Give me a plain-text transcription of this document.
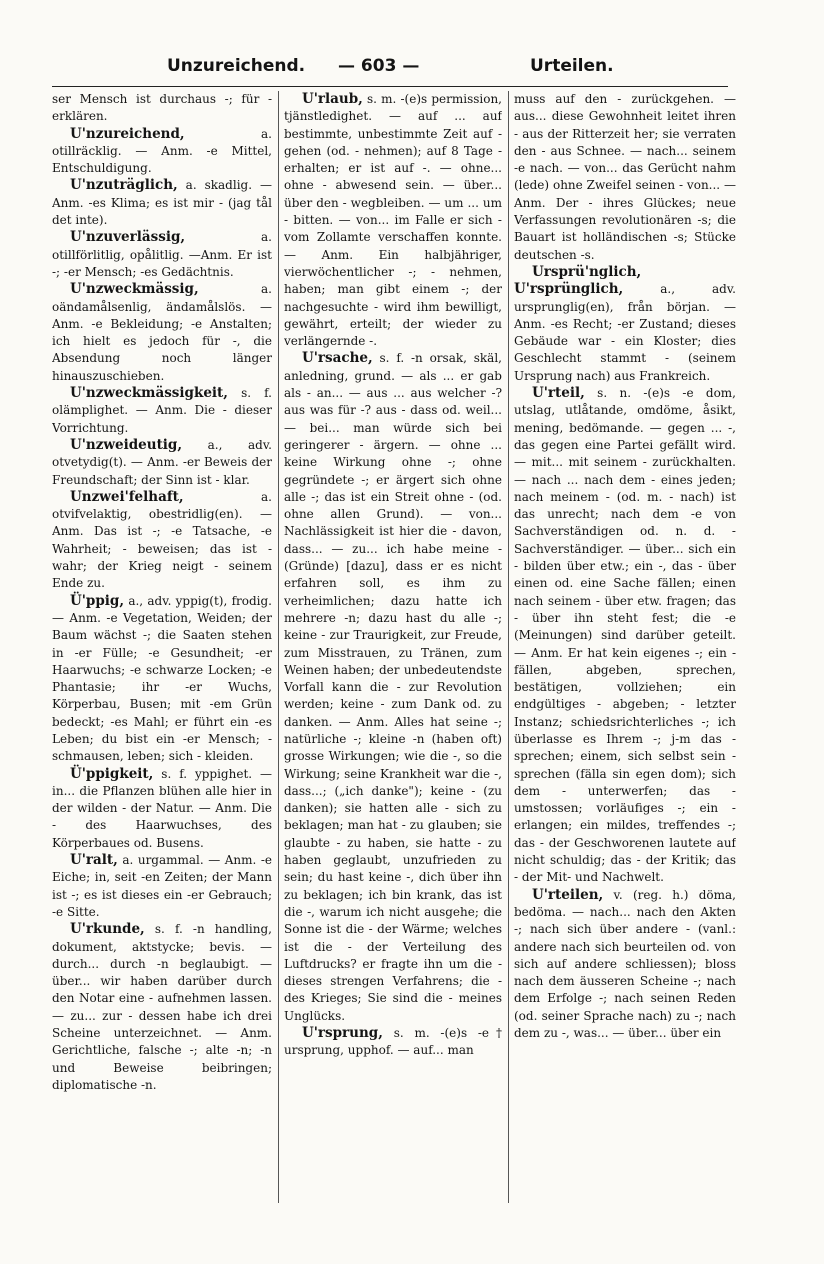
Unzureichend. — 603 —	Urteilen.

ser Mensch ist durchaus -; für - erklären.

U'nzureichend, a. otillräcklig. — Anm. -e Mittel, Entschuldigung.

U'nzuträglich, a. skadlig. — Anm. -es Klima; es ist mir - (jag tål det inte).

U'nzuverlässig, a. otillförlitlig, opålitlig. —Anm. Er ist -; -er Mensch; -es Gedächtnis.

U'nzweckmässig, a. oändamålsenlig, ändamålslös. — Anm. -e Bekleidung; -e Anstalten; ich hielt es jedoch für -, die Absendung noch länger hinauszuschieben.

U'nzweckmässigkeit, s. f. olämplighet. — Anm. Die - dieser Vorrichtung.

U'nzweideutig, a., adv. otvetydig(t). — Anm. -er Beweis der Freundschaft; der Sinn ist - klar.

Unzwei'felhaft, a. otvifvelaktig, obestridlig(en). — Anm. Das ist -; -e Tatsache, -e Wahrheit; - beweisen; das ist - wahr; der Krieg neigt - seinem Ende zu.

Ü'ppig, a., adv. yppig(t), frodig. — Anm. -e Vegetation, Weiden; der Baum wächst -; die Saaten stehen in -er Fülle; -e Gesundheit; -er Haarwuchs; -e schwarze Locken; -e Phantasie; ihr -er Wuchs, Körperbau, Busen; mit -em Grün bedeckt; -es Mahl; er führt ein -es Leben; du bist ein -er Mensch; - schmausen, leben; sich - kleiden.

Ü'ppigkeit, s. f. yppighet. — in... die Pflanzen blühen alle hier in der wilden - der Natur. — Anm. Die - des Haarwuchses, des Körperbaues od. Busens.

U'ralt, a. urgammal. — Anm. -e Eiche; in, seit -en Zeiten; der Mann ist -; es ist dieses ein -er Gebrauch; -e Sitte.

U'rkunde, s. f. -n handling, dokument, aktstycke; bevis. — durch... durch -n beglaubigt. — über... wir haben darüber durch den Notar eine - aufnehmen lassen. — zu... zur - dessen habe ich drei Scheine unterzeichnet. — Anm. Gerichtliche, falsche -; alte -n; -n und Beweise beibringen; diplomatische -n.

U'rlaub, s. m. -(e)s permission, tjänstledighet. — auf ... auf bestimmte, unbestimmte Zeit auf - gehen (od. - nehmen); auf 8 Tage - erhalten; er ist auf -. — ohne... ohne - abwesend sein. — über... über den - wegbleiben. — um ... um - bitten. — von... im Falle er sich - vom Zollamte verschaffen konnte. — Anm. Ein halbjähriger, vierwöchentlicher -; - nehmen, haben; man gibt einem -; der nachgesuchte - wird ihm bewilligt, gewährt, erteilt; der wieder zu verlängernde -.

U'rsache, s. f. -n orsak, skäl, anledning, grund. — als ... er gab als - an... — aus ... aus welcher -? aus was für -? aus - dass od. weil... — bei... man würde sich bei geringerer - ärgern. — ohne ... keine Wirkung ohne -; ohne gegründete -; er ärgert sich ohne alle -; das ist ein Streit ohne - (od. ohne allen Grund). — von... Nachlässigkeit ist hier die - davon, dass... — zu... ich habe meine - (Gründe) [dazu], dass er es nicht erfahren soll, es ihm zu verheimlichen; dazu hatte ich mehrere -n; dazu hast du alle -; keine - zur Traurigkeit, zur Freude, zum Misstrauen, zu Tränen, zum Weinen haben; der unbedeutendste Vorfall kann die - zur Revolution werden; keine - zum Dank od. zu danken. — Anm. Alles hat seine -; natürliche -; kleine -n (haben oft) grosse Wirkungen; wie die -, so die Wirkung; seine Krankheit war die -, dass...; („ich danke"); keine - (zu danken); sie hatten alle - sich zu beklagen; man hat - zu glauben; sie glaubte - zu haben, sie hatte - zu haben geglaubt, unzufrieden zu sein; du hast keine -, dich über ihn zu beklagen; ich bin krank, das ist die -, warum ich nicht ausgehe; die Sonne ist die - der Wärme; welches ist die - der Verteilung des Luftdrucks? er fragte ihn um die - dieses strengen Verfahrens; die - des Krieges; Sie sind die - meines Unglücks.

U'rsprung, s. m. -(e)s -e† ursprung, upphof. — auf... man

muss auf den - zurückgehen. — aus... diese Gewohnheit leitet ihren - aus der Ritterzeit her; sie verraten den - aus Schnee. — nach... seinem -e nach. — von... das Gerücht nahm (lede) ohne Zweifel seinen - von... — Anm. Der - ihres Glückes; neue Verfassungen revolutionären -s; die Bauart ist holländischen -s; Stücke deutschen -s.

Ursprü'nglich, U'rsprünglich, a., adv. ursprunglig(en), från början. — Anm. -es Recht; -er Zustand; dieses Gebäude war - ein Kloster; dies Geschlecht stammt - (seinem Ursprung nach) aus Frankreich.

U'rteil, s. n. -(e)s -e dom, utslag, utlåtande, omdöme, åsikt, mening, bedömande. — gegen ... -, das gegen eine Partei gefällt wird. — mit... mit seinem - zurückhalten. — nach ... nach dem - eines jeden; nach meinem - (od. m. - nach) ist das unrecht; nach dem -e von Sachverständigen od. n. d. - Sachverständiger. — über... sich ein - bilden über etw.; ein -, das - über einen od. eine Sache fällen; einen nach seinem - über etw. fragen; das - über ihn steht fest; die -e (Meinungen) sind darüber geteilt. — Anm. Er hat kein eigenes -; ein - fällen, abgeben, sprechen, bestätigen, vollziehen; ein endgültiges - abgeben; - letzter Instanz; schiedsrichterliches -; ich überlasse es Ihrem -; j-m das - sprechen; einem, sich selbst sein - sprechen (fälla sin egen dom); sich dem - unterwerfen; das - umstossen; vorläufiges -; ein - erlangen; ein mildes, treffendes -; das - der Geschworenen lautete auf nicht schuldig; das - der Kritik; das - der Mit- und Nachwelt.

U'rteilen, v. (reg. h.) döma, bedöma. — nach... nach den Akten -; nach sich über andere - (vanl.: andere nach sich beurteilen od. von sich auf andere schliessen); bloss nach dem äusseren Scheine -; nach dem Erfolge -; nach seinen Reden (od. seiner Sprache nach) zu -; nach dem zu -, was... — über... über ein
